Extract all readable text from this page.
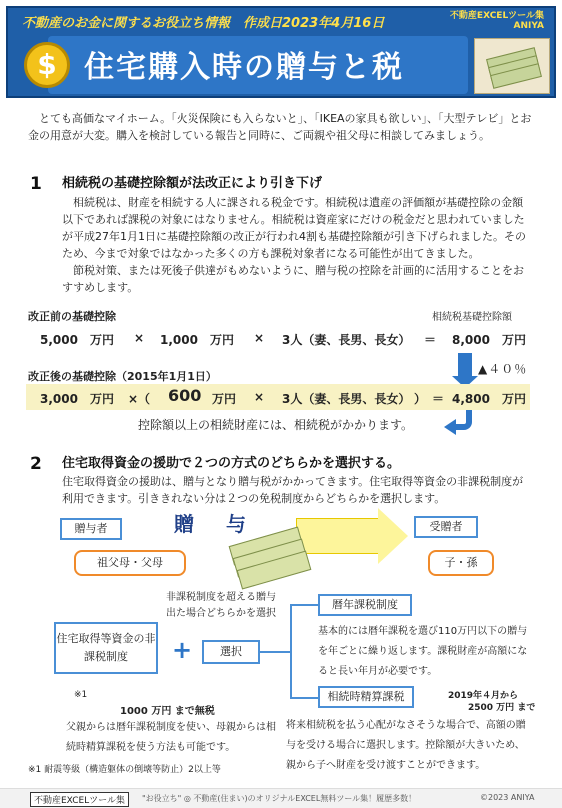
不動産のお金に関するお役立ち情報　作成日2023年4月16日	不動産EXCELツール集
ANIYA
$ 住宅購入時の贈与と税
　とても高価なマイホーム。「火災保険にも入らないと」、「IKEAの家具も欲しい」、「大型テレビ」とお金の用意が大変。購入を検討している報告と同時に、ご両親や祖父母に相談してみましょう。
1 相続税の基礎控除額が法改正により引き下げ
　相続税は、財産を相続する人に課される税金です。相続税は遺産の評価額が基礎控除の金額以下であれば課税の対象にはなりません。相続税は資産家にだけの税金だと思われていましたが平成27年1月1日に基礎控除額の改正が行われ4割も基礎控除額が引き下げられました。そのため、今まで対象ではなかった多くの方も課税対象者になる可能性が出てきました。
　節税対策、または死後子供達がもめないように、贈与税の控除を計画的に活用することをおすすめします。
改正前の基礎控除	相続税基礎控除額
5,000　万円 × 1,000　万円 × 3人（妻、長男、長女） ＝ 8,000　万円
▲４０％
改正後の基礎控除（2015年1月1日）
3,000　万円 ×（ 600 万円 × 3人（妻、長男、長女） ） ＝ 4,800　万円
控除額以上の相続財産には、相続税がかかります。
2 住宅取得資金の援助で２つの方式のどちらかを選択する。
住宅取得資金の援助は、贈与となり贈与税がかかってきます。住宅取得等資金の非課税制度が利用できます。引ききれない分は２つの免税制度からどちらかを選択します。
贈与者
祖父母・父母
贈　与	受贈者
子・孫
非課税制度を超える贈与
出た場合どちらかを選択
住宅取得等資金の非課税制度	+	選択
暦年課税制度
基本的には暦年課税を選び110万円以下の贈与を年ごとに繰り返します。課税財産が高額になると長い年月が必要です。
相続時精算課税	2019年４月から
2500 万円 まで
将来相続税を払う心配がなさそうな場合で、高額の贈与を受ける場合に選択します。控除額が大きいため、親から子へ財産を受け渡すことができます。
※1
1000 万円 まで無税
父親からは暦年課税制度を使い、母親からは相続時精算課税を使う方法も可能です。
※1 耐震等級（構造躯体の倒壊等防止）2以上等
不動産EXCELツール集	"お役立ち" ◎ 不動産(住まい)のオリジナルEXCEL無料ツール集！履歴多数！	©2023 ANIYA
